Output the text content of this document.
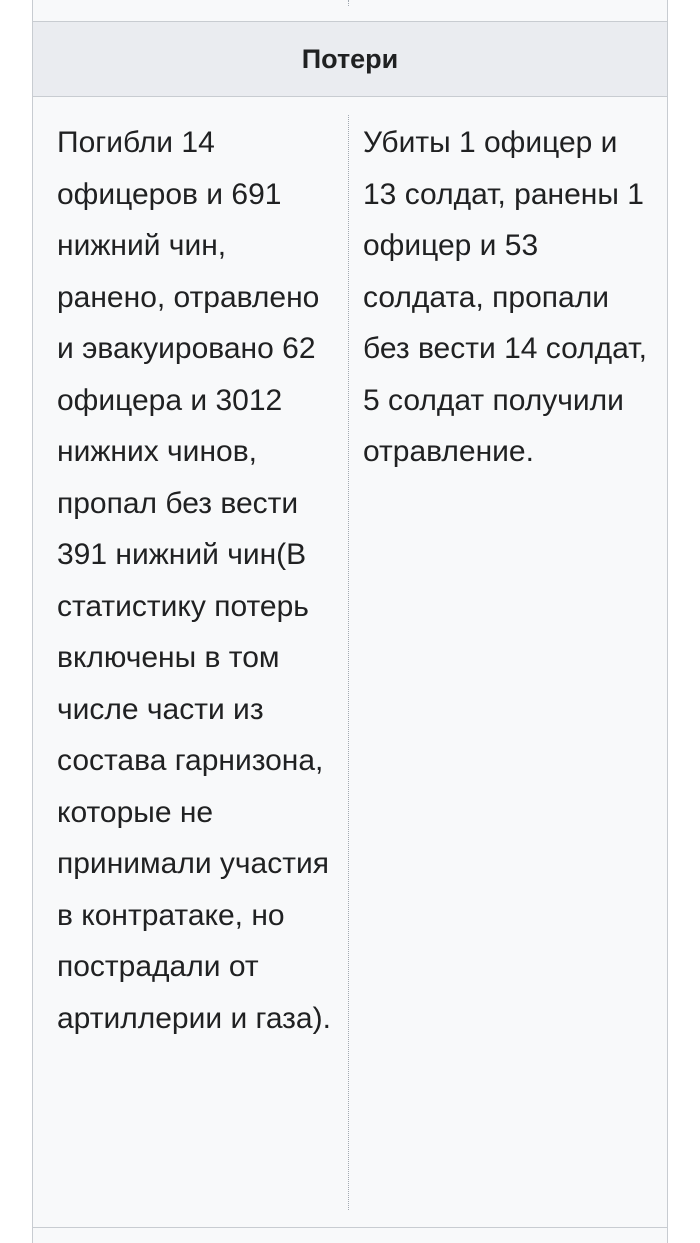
Потери
Погибли 14 офицеров и 691 нижний чин, ранено, отравлено и эвакуировано 62 офицера и 3012 нижних чинов, пропал без вести 391 нижний чин(В статистику потерь включены в том числе части из состава гарнизона, которые не принимали участия в контратаке, но пострадали от артиллерии и газа).
Убиты 1 офицер и 13 солдат, ранены 1 офицер и 53 солдата, пропали без вести 14 солдат, 5 солдат получили отравление.
